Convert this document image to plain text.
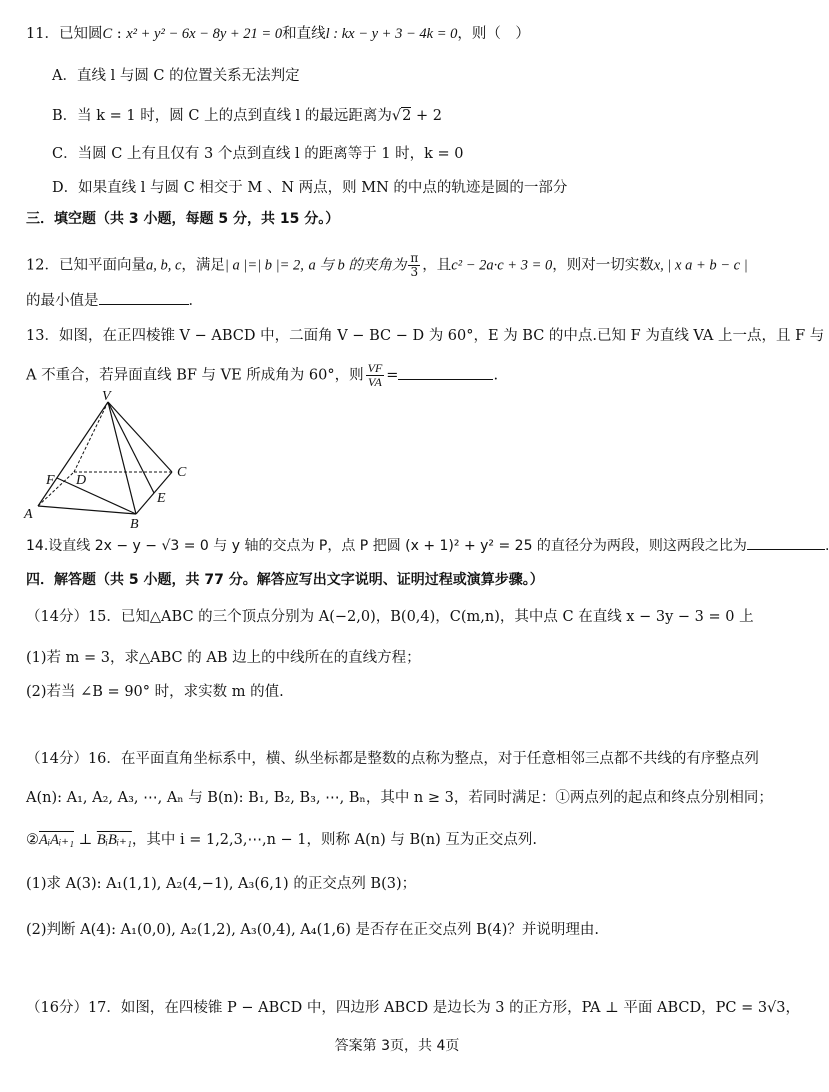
11．已知圆C : x² + y² − 6x − 8y + 21 = 0和直线l : kx − y + 3 − 4k = 0，则（　）
A．直线 l 与圆 C 的位置关系无法判定
B．当 k = 1 时，圆 C 上的点到直线 l 的最远距离为√2 + 2
C．当圆 C 上有且仅有 3 个点到直线 l 的距离等于 1 时，k = 0
D．如果直线 l 与圆 C 相交于 M 、N 两点，则 MN 的中点的轨迹是圆的一部分
三．填空题（共 3 小题，每题 5 分，共 15 分。）
12．已知平面向量a, b, c，满足| a |=| b |= 2, a 与 b 的夹角为 $\frac{\pi}{3}$ ，且c² − 2a·c + 3 = 0，则对一切实数x, | x a + b − c |
的最小值是	．
13．如图，在正四棱锥 V − ABCD 中，二面角 V − BC − D 为 60°，E 为 BC 的中点.已知 F 为直线 VA 上一点，且 F 与
A 不重合，若异面直线 BF 与 VE 所成角为 60°，则 $\frac{VF}{VA}$ =	.
V
A
B
C
D
E
F
14.设直线 2x − y − √3 = 0 与 y 轴的交点为 P，点 P 把圆 (x + 1)² + y² = 25 的直径分为两段，则这两段之比为	.
四．解答题（共 5 小题，共 77 分。解答应写出文字说明、证明过程或演算步骤。）
（14分）15．已知△ABC 的三个顶点分别为 A(−2,0)，B(0,4)，C(m,n)，其中点 C 在直线 x − 3y − 3 = 0 上
(1)若 m = 3，求△ABC 的 AB 边上的中线所在的直线方程；
(2)若当 ∠B = 90° 时，求实数 m 的值.
（14分）16．在平面直角坐标系中，横、纵坐标都是整数的点称为整点，对于任意相邻三点都不共线的有序整点列
A(n): A₁, A₂, A₃, ⋯, Aₙ 与 B(n): B₁, B₂, B₃, ⋯, Bₙ，其中 n ≥ 3，若同时满足：①两点列的起点和终点分别相同；
②AᵢAᵢ₊₁ ⊥ BᵢBᵢ₊₁，其中 i = 1,2,3,⋯,n − 1，则称 A(n) 与 B(n) 互为正交点列.
(1)求 A(3): A₁(1,1), A₂(4,−1), A₃(6,1) 的正交点列 B(3)；
(2)判断 A(4): A₁(0,0), A₂(1,2), A₃(0,4), A₄(1,6) 是否存在正交点列 B(4)？并说明理由.
（16分）17．如图，在四棱锥 P − ABCD 中，四边形 ABCD 是边长为 3 的正方形，PA ⊥ 平面 ABCD，PC = 3√3，
答案第 3页，共 4页
